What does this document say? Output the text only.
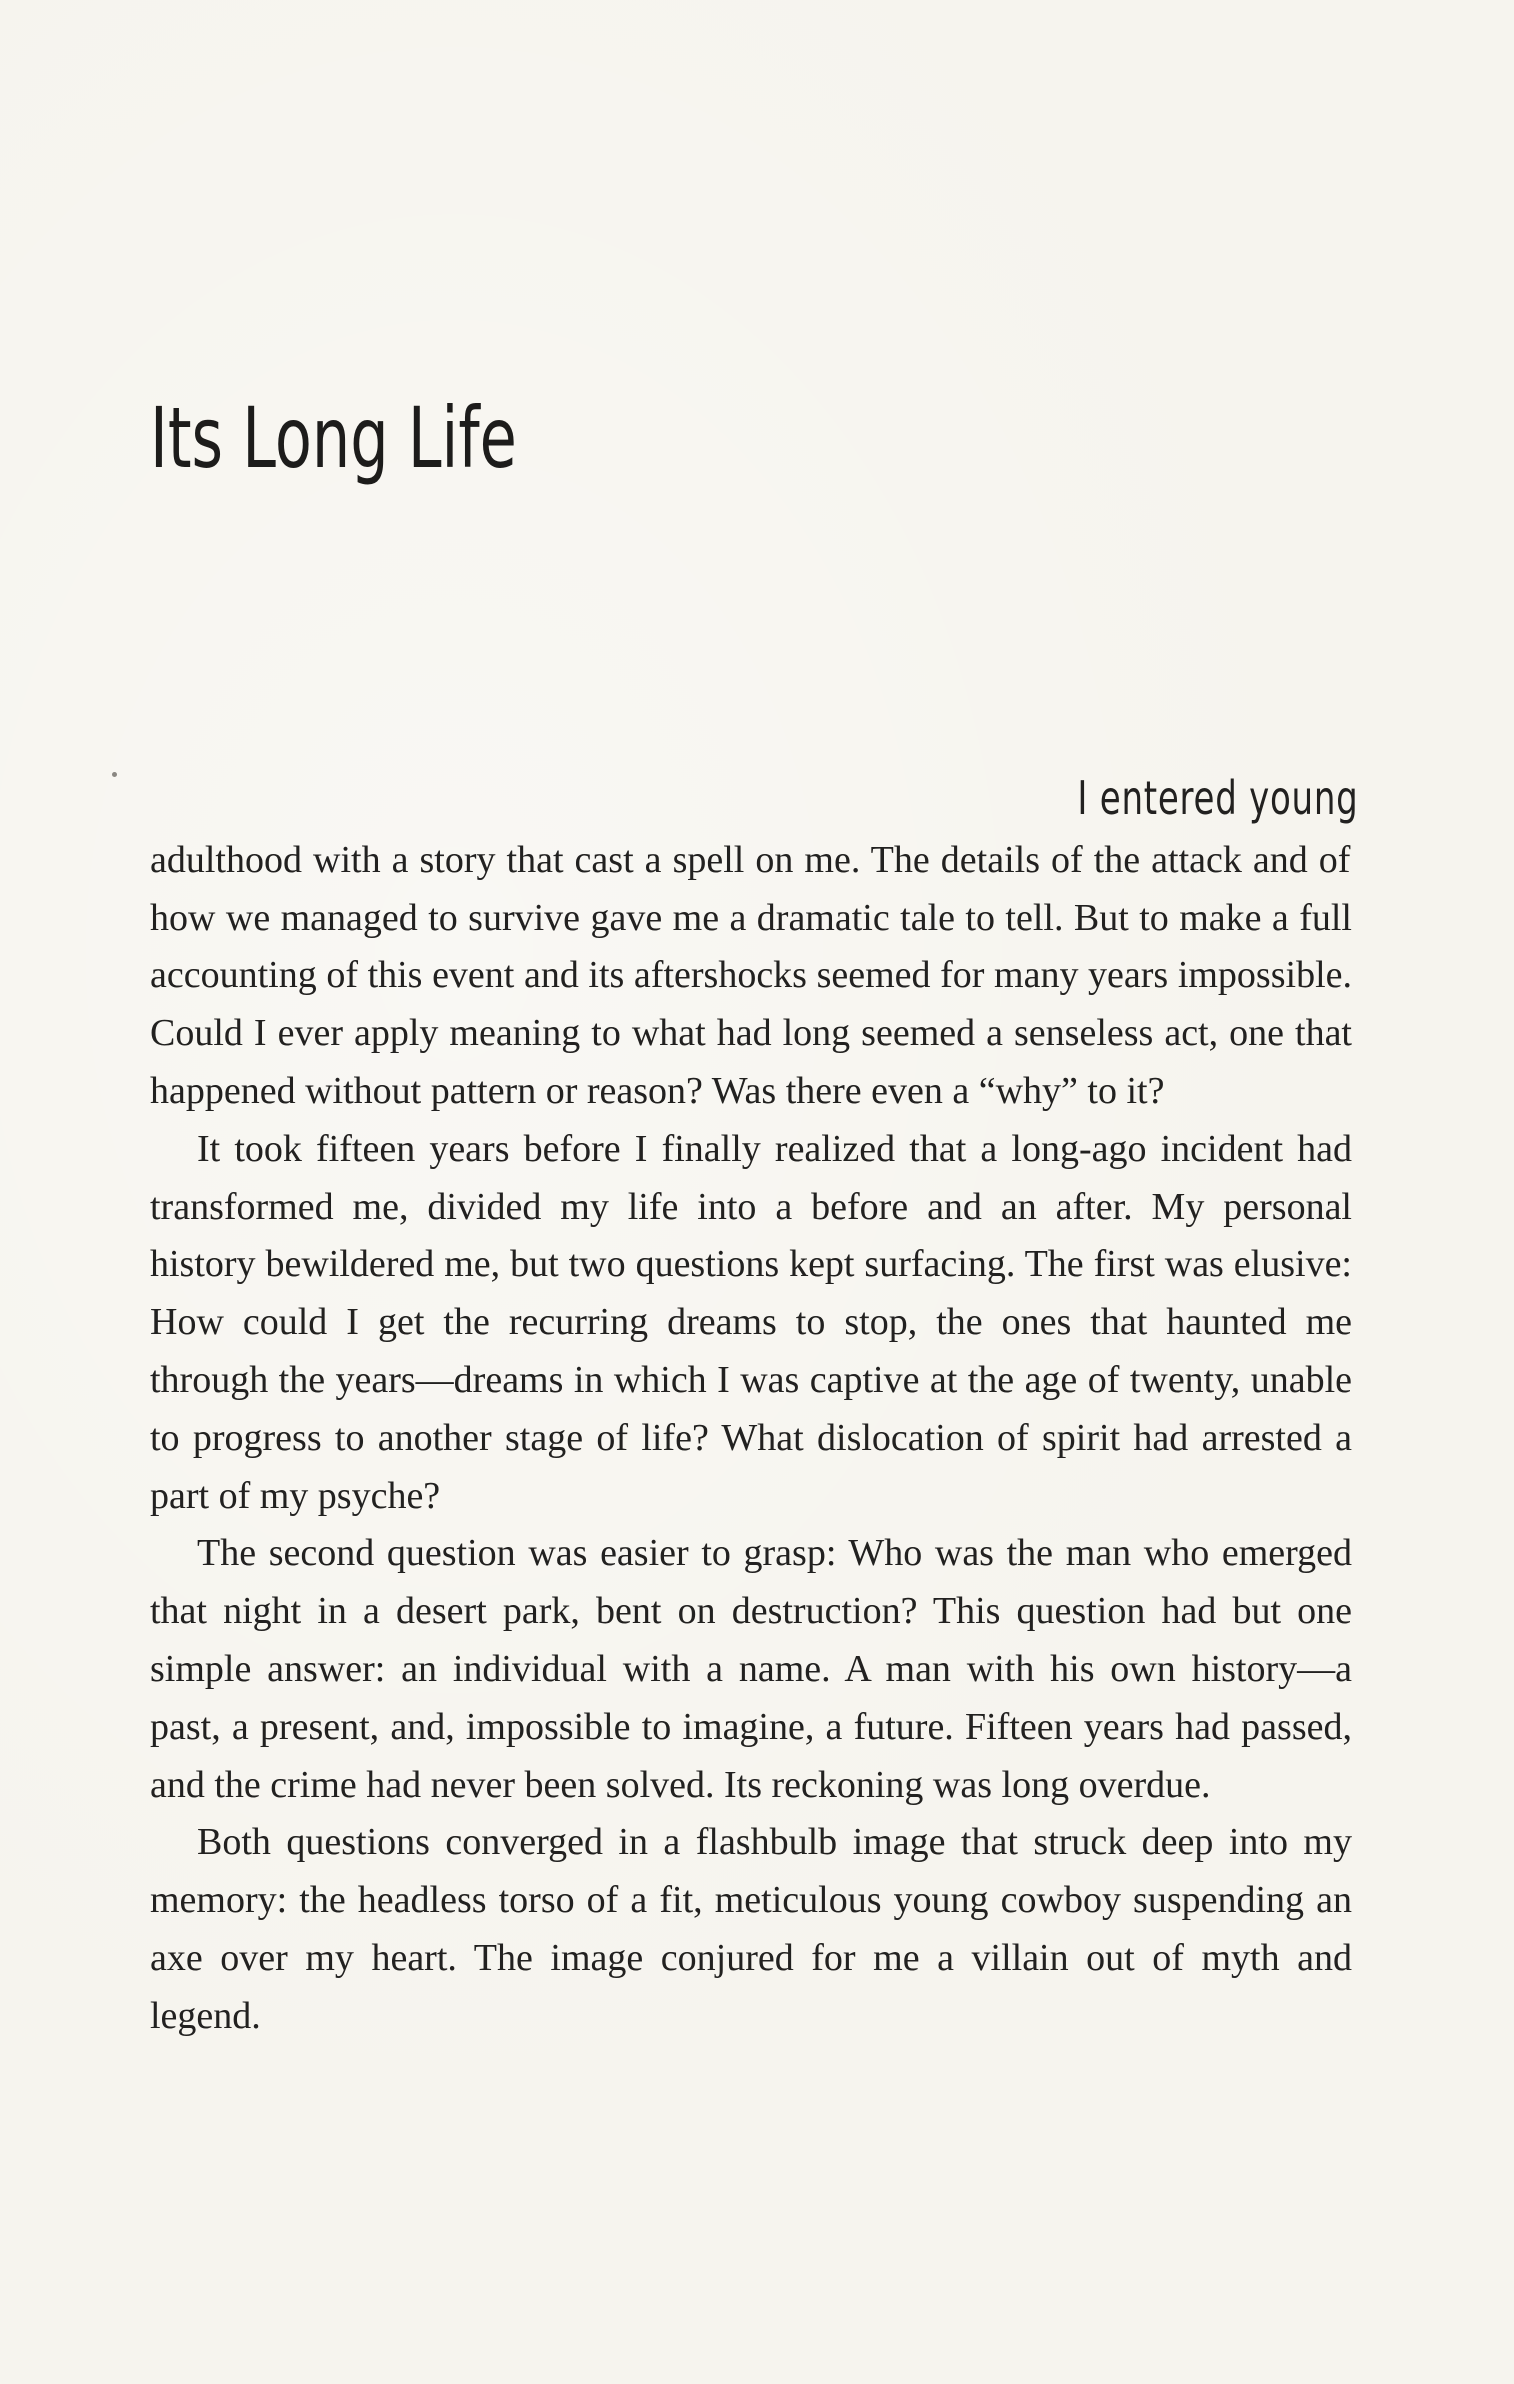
Its Long Life

I entered young adulthood with a story that cast a spell on me. The details of the attack and of how we managed to survive gave me a dramatic tale to tell. But to make a full accounting of this event and its aftershocks seemed for many years impossible. Could I ever apply meaning to what had long seemed a senseless act, one that happened without pattern or reason? Was there even a “why” to it?

It took fifteen years before I finally realized that a long-ago incident had transformed me, divided my life into a before and an after. My personal history bewildered me, but two questions kept surfacing. The first was elusive: How could I get the recurring dreams to stop, the ones that haunted me through the years—dreams in which I was captive at the age of twenty, unable to progress to another stage of life? What dislocation of spirit had arrested a part of my psyche?

The second question was easier to grasp: Who was the man who emerged that night in a desert park, bent on destruction? This question had but one simple answer: an individual with a name. A man with his own history—a past, a present, and, impossible to imagine, a future. Fifteen years had passed, and the crime had never been solved. Its reckoning was long overdue.

Both questions converged in a flashbulb image that struck deep into my memory: the headless torso of a fit, meticulous young cowboy suspending an axe over my heart. The image conjured for me a villain out of myth and legend.
